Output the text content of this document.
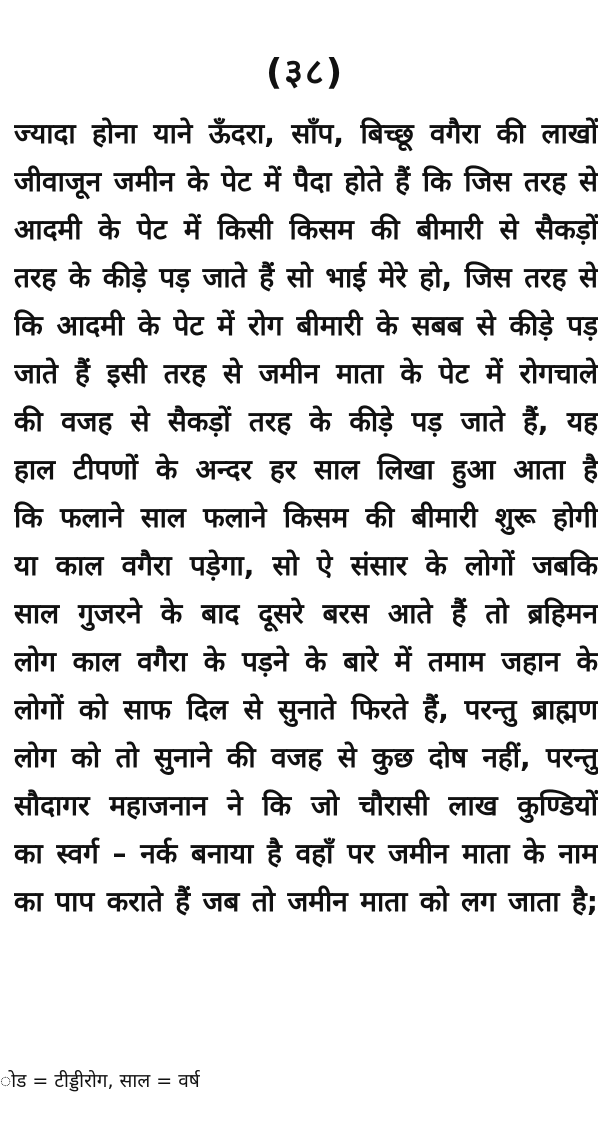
(३८)
ज्यादा होना याने ऊँदरा, साँप, बिच्छू वगैरा की लाखों
जीवाजून जमीन के पेट में पैदा होते हैं कि जिस तरह से
आदमी के पेट में किसी किसम की बीमारी से सैकड़ों
तरह के कीड़े पड़ जाते हैं सो भाई मेरे हो, जिस तरह से
कि आदमी के पेट में रोग बीमारी के सबब से कीड़े पड़
जाते हैं इसी तरह से जमीन माता के पेट में रोगचाले
की वजह से सैकड़ों तरह के कीड़े पड़ जाते हैं, यह
हाल टीपणों के अन्दर हर साल लिखा हुआ आता है
कि फलाने साल फलाने किसम की बीमारी शुरू होगी
या काल वगैरा पड़ेगा, सो ऐ संसार के लोगों जबकि
साल गुजरने के बाद दूसरे बरस आते हैं तो ब्रहिमन
लोग काल वगैरा के पड़ने के बारे में तमाम जहान के
लोगों को साफ दिल से सुनाते फिरते हैं, परन्तु ब्राह्मण
लोग को तो सुनाने की वजह से कुछ दोष नहीं, परन्तु
सौदागर महाजनान ने कि जो चौरासी लाख कुण्डियों
का स्वर्ग – नर्क बनाया है वहाँ पर जमीन माता के नाम
का पाप कराते हैं जब तो जमीन माता को लग जाता है;
ोड = टीड्डीरोग, साल = वर्ष
